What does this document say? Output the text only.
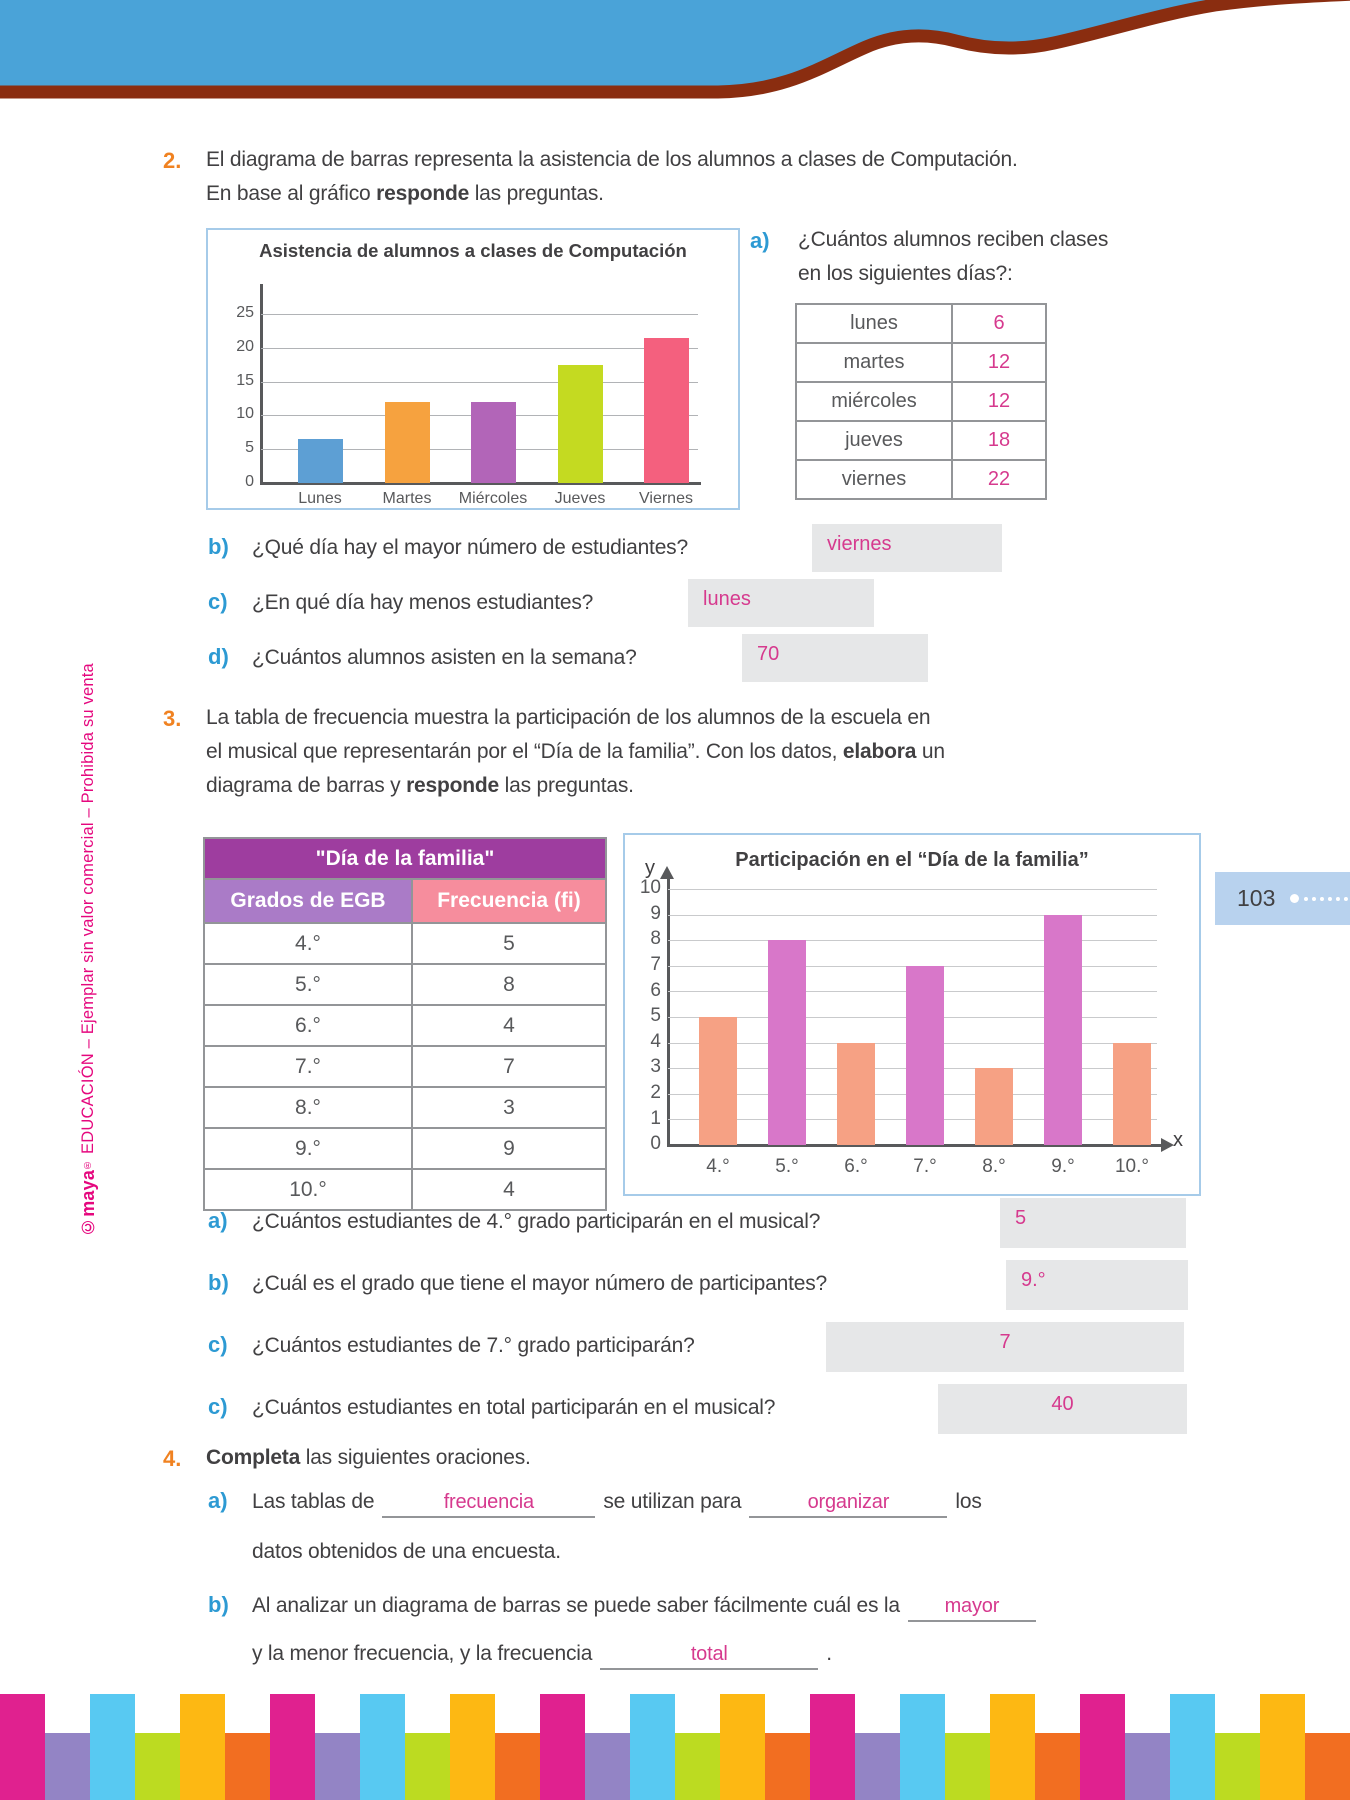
©maya® EDUCACIÓN – Ejemplar sin valor comercial – Prohibida su venta
2. El diagrama de barras representa la asistencia de los alumnos a clases de Computación.
En base al gráfico responde las preguntas.
Asistencia de alumnos a clases de Computación
0
5
10
15
20
25
Lunes	Martes	Miércoles	Jueves	Viernes
a) ¿Cuántos alumnos reciben clases
en los siguientes días?:
lunes	6
martes	12
miércoles	12
jueves	18
viernes	22
b) ¿Qué día hay el mayor número de estudiantes?	viernes
c) ¿En qué día hay menos estudiantes?	lunes
d) ¿Cuántos alumnos asisten en la semana?	70
3. La tabla de frecuencia muestra la participación de los alumnos de la escuela en
el musical que representarán por el “Día de la familia”. Con los datos, elabora un
diagrama de barras y responde las preguntas.
"Día de la familia"	
Grados de EGB	Frecuencia (fi)
4.°	5
5.°	8
6.°	4
7.°	7
8.°	3
9.°	9
10.°	4
Participación en el “Día de la familia”
y
x
0
1
2
3
4
5
6
7
8
9
10
4.°	5.°	6.°	7.°	8.°	9.°	10.°
103
a) ¿Cuántos estudiantes de 4.° grado participarán en el musical?	5
b) ¿Cuál es el grado que tiene el mayor número de participantes?	9.°
c) ¿Cuántos estudiantes de 7.° grado participarán?	7
c) ¿Cuántos estudiantes en total participarán en el musical?	40
4. Completa las siguientes oraciones.
a) Las tablas de	frecuencia	se utilizan para	organizar	los
datos obtenidos de una encuesta.
b) Al analizar un diagrama de barras se puede saber fácilmente cuál es la mayor
y la menor frecuencia, y la frecuencia	total	.
